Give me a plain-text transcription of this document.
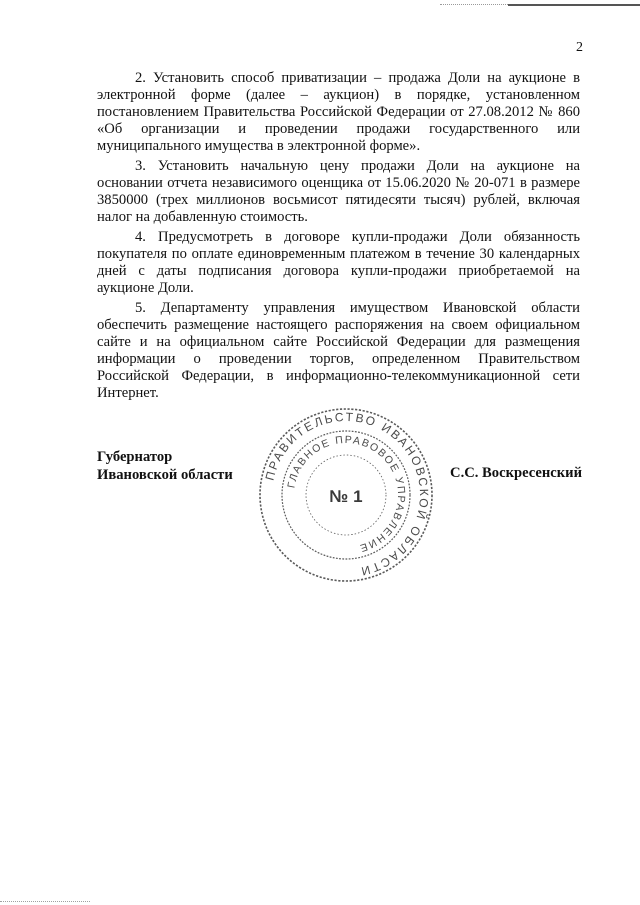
2

2. Установить способ приватизации – продажа Доли на аукционе в электронной форме (далее – аукцион) в порядке, установленном постановлением Правительства Российской Федерации от 27.08.2012 № 860 «Об организации и проведении продажи государственного или муниципального имущества в электронной форме».

3. Установить начальную цену продажи Доли на аукционе на основании отчета независимого оценщика от 15.06.2020 № 20-071 в размере 3850000 (трех миллионов восьмисот пятидесяти тысяч) рублей, включая налог на добавленную стоимость.

4. Предусмотреть в договоре купли-продажи Доли обязанность покупателя по оплате единовременным платежом в течение 30 календарных дней с даты подписания договора купли-продажи приобретаемой на аукционе Доли.

5. Департаменту управления имуществом Ивановской области обеспечить размещение настоящего распоряжения на своем официальном сайте и на официальном сайте Российской Федерации для размещения информации о проведении торгов, определенном Правительством Российской Федерации, в информационно-телекоммуникационной сети Интернет.

Губернатор
Ивановской области	С.С. Воскресенский
ПРАВИТЕЛЬСТВО ИВАНОВСКОЙ ОБЛАСТИ
ГЛАВНОЕ ПРАВОВОЕ УПРАВЛЕНИЕ
№ 1
